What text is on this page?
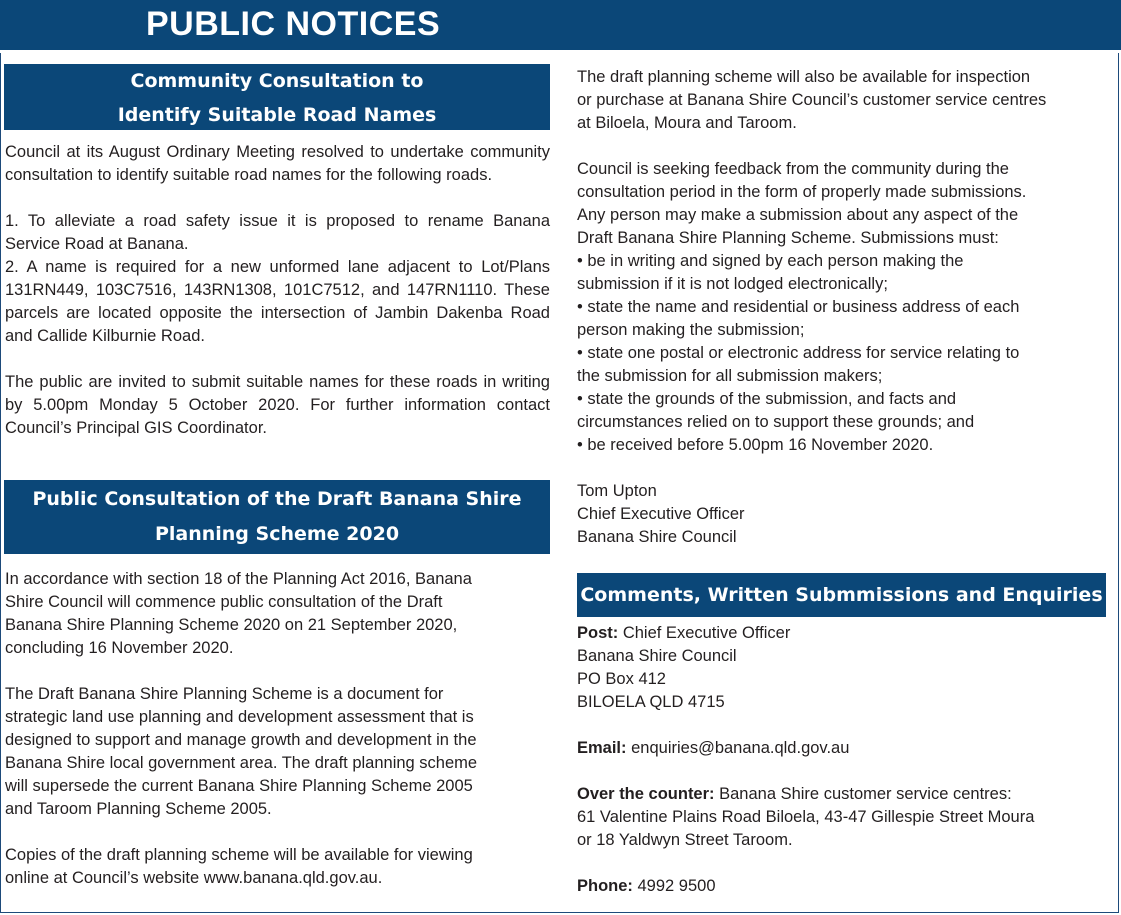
PUBLIC NOTICES
Community Consultation to
Identify Suitable Road Names

Council at its August Ordinary Meeting resolved to undertake community consultation to identify suitable road names for the following roads.

1. To alleviate a road safety issue it is proposed to rename Banana Service Road at Banana.

2. A name is required for a new unformed lane adjacent to Lot/Plans 131RN449, 103C7516, 143RN1308, 101C7512, and 147RN1110. These parcels are located opposite the intersection of Jambin Dakenba Road and Callide Kilburnie Road.

The public are invited to submit suitable names for these roads in writing by 5.00pm Monday 5 October 2020. For further information contact Council’s Principal GIS Coordinator.

Public Consultation of the Draft Banana Shire
Planning Scheme 2020
In accordance with section 18 of the Planning Act 2016, Banana
Shire Council will commence public consultation of the Draft
Banana Shire Planning Scheme 2020 on 21 September 2020,
concluding 16 November 2020.
The Draft Banana Shire Planning Scheme is a document for
strategic land use planning and development assessment that is
designed to support and manage growth and development in the
Banana Shire local government area. The draft planning scheme
will supersede the current Banana Shire Planning Scheme 2005
and Taroom Planning Scheme 2005.
Copies of the draft planning scheme will be available for viewing
online at Council’s website www.banana.qld.gov.au.
The draft planning scheme will also be available for inspection
or purchase at Banana Shire Council’s customer service centres
at Biloela, Moura and Taroom.
Council is seeking feedback from the community during the
consultation period in the form of properly made submissions.
Any person may make a submission about any aspect of the
Draft Banana Shire Planning Scheme. Submissions must:
• be in writing and signed by each person making the
submission if it is not lodged electronically;
• state the name and residential or business address of each
person making the submission;
• state one postal or electronic address for service relating to
the submission for all submission makers;
• state the grounds of the submission, and facts and
circumstances relied on to support these grounds; and
• be received before 5.00pm 16 November 2020.
Tom Upton
Chief Executive Officer
Banana Shire Council
Comments, Written Submmissions and Enquiries
Post: Chief Executive Officer
Banana Shire Council
PO Box 412
BILOELA QLD 4715
Email: enquiries@banana.qld.gov.au
Over the counter: Banana Shire customer service centres:
61 Valentine Plains Road Biloela, 43-47 Gillespie Street Moura
or 18 Yaldwyn Street Taroom.
Phone: 4992 9500
